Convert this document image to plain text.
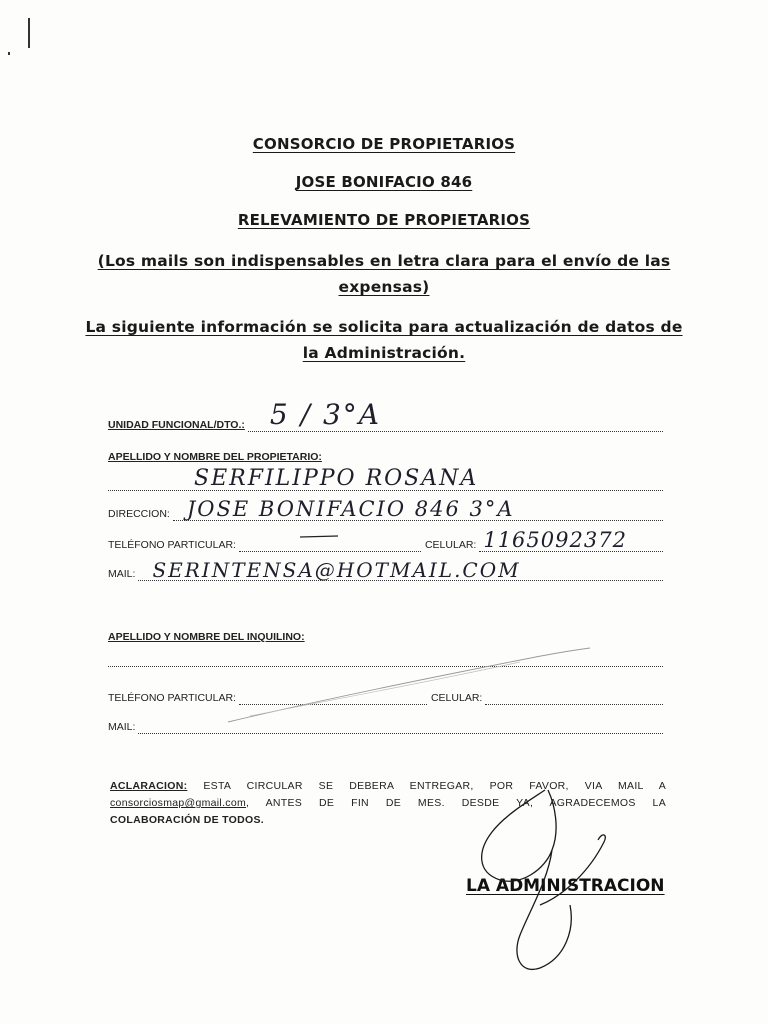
CONSORCIO DE PROPIETARIOS
JOSE BONIFACIO 846
RELEVAMIENTO DE PROPIETARIOS
(Los mails son indispensables en letra clara para el envío de las
expensas)
La siguiente información se solicita para actualización de datos de
la Administración.
UNIDAD FUNCIONAL/DTO.: 5 / 3°A
APELLIDO Y NOMBRE DEL PROPIETARIO:
SERFILIPPO ROSANA
DIRECCION: JOSE BONIFACIO 846 3°A
TELÉFONO PARTICULAR:	CELULAR: 1165092372
MAIL: SERINTENSA@HOTMAIL.COM
APELLIDO Y NOMBRE DEL INQUILINO:
TELÉFONO PARTICULAR:	CELULAR:
MAIL:
ACLARACION: ESTA CIRCULAR SE DEBERA ENTREGAR, POR FAVOR, VIA MAIL A
consorciosmap@gmail.com, ANTES DE FIN DE MES. DESDE YA, AGRADECEMOS LA
COLABORACIÓN DE TODOS.
LA ADMINISTRACION
